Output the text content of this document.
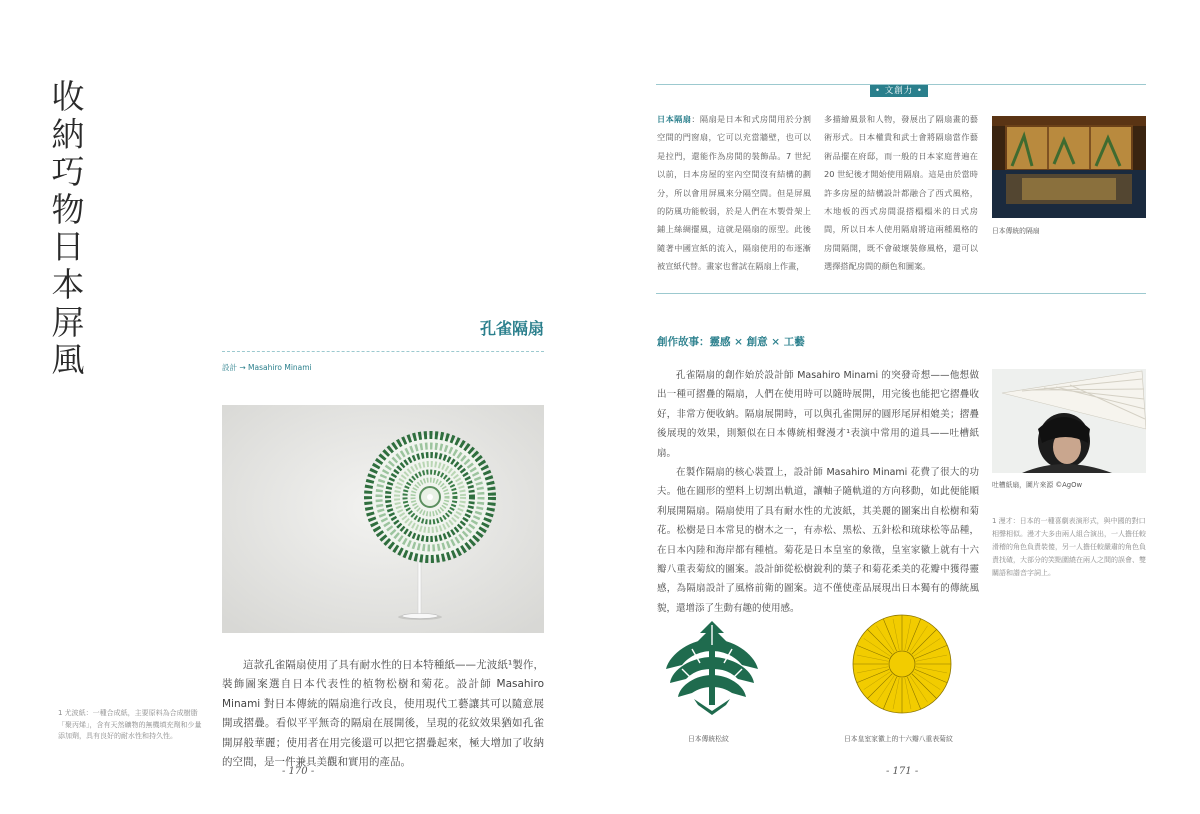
收納巧物日本屏風
孔雀隔扇
設計 → Masahiro Minami
這款孔雀隔扇使用了具有耐水性的日本特種紙——尤波紙¹製作，裝飾圖案選自日本代表性的植物松樹和菊花。設計師 Masahiro Minami 對日本傳統的隔扇進行改良，使用現代工藝讓其可以隨意展開或摺疊。看似平平無奇的隔扇在展開後，呈現的花紋效果猶如孔雀開屏般華麗；使用者在用完後還可以把它摺疊起來，極大增加了收納的空間，是一件兼具美觀和實用的產品。
1 尤波紙：一種合成紙，主要原料為合成樹脂「聚丙烯」，含有天然礦物的無機填充劑和少量添加劑，具有良好的耐水性和持久性。
- 170 -
• 文創力 •
日本隔扇：隔扇是日本和式房間用於分割空間的門窗扇，它可以充當牆壁，也可以是拉門，還能作為房間的裝飾品。7 世紀以前，日本房屋的室內空間沒有結構的劃分，所以會用屏風來分隔空間。但是屏風的防風功能較弱，於是人們在木製骨架上鋪上絲綢擺風，這就是隔扇的原型。此後隨著中國宣紙的流入，隔扇使用的布逐漸被宣紙代替。畫家也嘗試在隔扇上作畫，
多描繪風景和人物，發展出了隔扇畫的藝術形式。日本權貴和武士會將隔扇當作藝術品擺在府邸，而一般的日本家庭普遍在 20 世紀後才開始使用隔扇。這是由於當時許多房屋的結構設計都融合了西式風格，木地板的西式房間混搭榻榻米的日式房間，所以日本人使用隔扇將這兩種風格的房間隔開，既不會破壞裝修風格，還可以選擇搭配房間的顏色和圖案。
日本傳統的隔扇
創作故事：靈感 × 創意 × 工藝
孔雀隔扇的創作始於設計師 Masahiro Minami 的突發奇想——他想做出一種可摺疊的隔扇，人們在使用時可以隨時展開，用完後也能把它摺疊收好，非常方便收納。隔扇展開時，可以與孔雀開屏的圓形尾屏相媲美；摺疊後展現的效果，則類似在日本傳統相聲漫才¹表演中常用的道具——吐槽紙扇。
在製作隔扇的核心裝置上，設計師 Masahiro Minami 花費了很大的功夫。他在圓形的塑料上切割出軌道，讓軸子隨軌道的方向移動，如此便能順利展開隔扇。隔扇使用了具有耐水性的尤波紙，其美麗的圖案出自松樹和菊花。松樹是日本常見的樹木之一，有赤松、黑松、五針松和琉球松等品種，在日本內陸和海岸都有種植。菊花是日本皇室的象徵，皇室家徽上就有十六瓣八重表菊紋的圖案。設計師從松樹銳利的葉子和菊花柔美的花瓣中獲得靈感，為隔扇設計了風格前衛的圖案。這不僅使產品展現出日本獨有的傳統風貌，還增添了生動有趣的使用感。
吐槽紙扇，圖片來源 ©AgOw
1 漫才：日本的一種喜劇表演形式，與中國的對口相聲相似。漫才大多由兩人組合演出，一人擔任較滑稽的角色負責裝傻，另一人擔任較嚴肅的角色負責找碴，大部分的笑點圍繞在兩人之間的誤會、雙關語和諧音字詞上。
日本傳統松紋	日本皇室家徽上的十六瓣八重表菊紋
- 171 -
